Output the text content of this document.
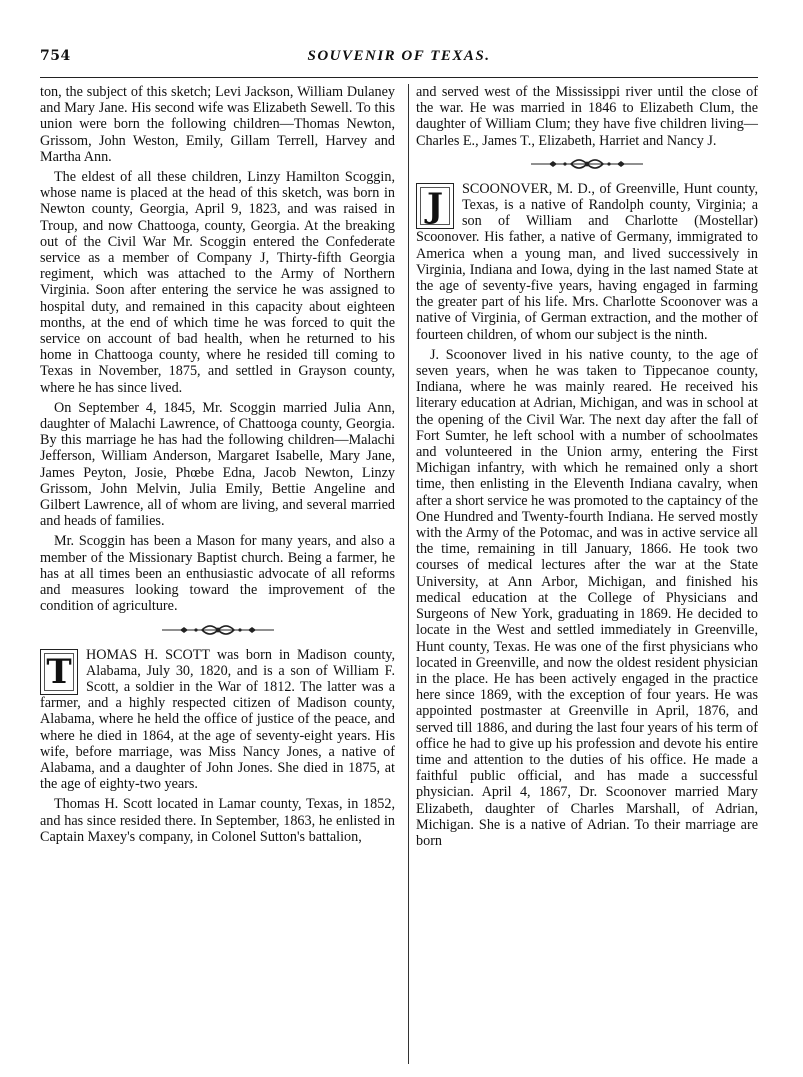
754	SOUVENIR OF TEXAS.

ton, the subject of this sketch; Levi Jackson, William Dulaney and Mary Jane. His second wife was Elizabeth Sewell. To this union were born the following children—Thomas Newton, Grissom, John Weston, Emily, Gillam Terrell, Harvey and Martha Ann.

The eldest of all these children, Linzy Hamilton Scoggin, whose name is placed at the head of this sketch, was born in Newton county, Georgia, April 9, 1823, and was raised in Troup, and now Chattooga, county, Georgia. At the breaking out of the Civil War Mr. Scoggin entered the Confederate service as a member of Company J, Thirty-fifth Georgia regiment, which was attached to the Army of Northern Virginia. Soon after entering the service he was assigned to hospital duty, and remained in this capacity about eighteen months, at the end of which time he was forced to quit the service on account of bad health, when he returned to his home in Chattooga county, where he resided till coming to Texas in November, 1875, and settled in Grayson county, where he has since lived.

On September 4, 1845, Mr. Scoggin married Julia Ann, daughter of Malachi Lawrence, of Chattooga county, Georgia. By this marriage he has had the following children—Malachi Jefferson, William Anderson, Margaret Isabelle, Mary Jane, James Peyton, Josie, Phœbe Edna, Jacob Newton, Linzy Grissom, John Melvin, Julia Emily, Bettie Angeline and Gilbert Lawrence, all of whom are living, and several married and heads of families.

Mr. Scoggin has been a Mason for many years, and also a member of the Missionary Baptist church. Being a farmer, he has at all times been an enthusiastic advocate of all reforms and measures looking toward the improvement of the condition of agriculture.

T	HOMAS H. SCOTT was born in Madison county, Alabama, July 30, 1820, and is a son of William F. Scott, a soldier in the War of 1812. The latter was a farmer, and a highly respected citizen of Madison county, Alabama, where he held the office of justice of the peace, and where he died in 1864, at the age of seventy-eight years. His wife, before marriage, was Miss Nancy Jones, a native of Alabama, and a daughter of John Jones. She died in 1875, at the age of eighty-two years.

Thomas H. Scott located in Lamar county, Texas, in 1852, and has since resided there. In September, 1863, he enlisted in Captain Maxey's company, in Colonel Sutton's battalion,

and served west of the Mississippi river until the close of the war. He was married in 1846 to Elizabeth Clum, the daughter of William Clum; they have five children living—Charles E., James T., Elizabeth, Harriet and Nancy J.

J	SCOONOVER, M. D., of Greenville, Hunt county, Texas, is a native of Randolph county, Virginia; a son of William and Charlotte (Mostellar) Scoonover. His father, a native of Germany, immigrated to America when a young man, and lived successively in Virginia, Indiana and Iowa, dying in the last named State at the age of seventy-five years, having engaged in farming the greater part of his life. Mrs. Charlotte Scoonover was a native of Virginia, of German extraction, and the mother of fourteen children, of whom our subject is the ninth.

J. Scoonover lived in his native county, to the age of seven years, when he was taken to Tippecanoe county, Indiana, where he was mainly reared. He received his literary education at Adrian, Michigan, and was in school at the opening of the Civil War. The next day after the fall of Fort Sumter, he left school with a number of schoolmates and volunteered in the Union army, entering the First Michigan infantry, with which he remained only a short time, then enlisting in the Eleventh Indiana cavalry, when after a short service he was promoted to the captaincy of the One Hundred and Twenty-fourth Indiana. He served mostly with the Army of the Potomac, and was in active service all the time, remaining in till January, 1866. He took two courses of medical lectures after the war at the State University, at Ann Arbor, Michigan, and finished his medical education at the College of Physicians and Surgeons of New York, graduating in 1869. He decided to locate in the West and settled immediately in Greenville, Hunt county, Texas. He was one of the first physicians who located in Greenville, and now the oldest resident physician in the place. He has been actively engaged in the practice here since 1869, with the exception of four years. He was appointed postmaster at Greenville in April, 1876, and served till 1886, and during the last four years of his term of office he had to give up his profession and devote his entire time and attention to the duties of his office. He made a faithful public official, and has made a successful physician. April 4, 1867, Dr. Scoonover married Mary Elizabeth, daughter of Charles Marshall, of Adrian, Michigan. She is a native of Adrian. To their marriage are born
